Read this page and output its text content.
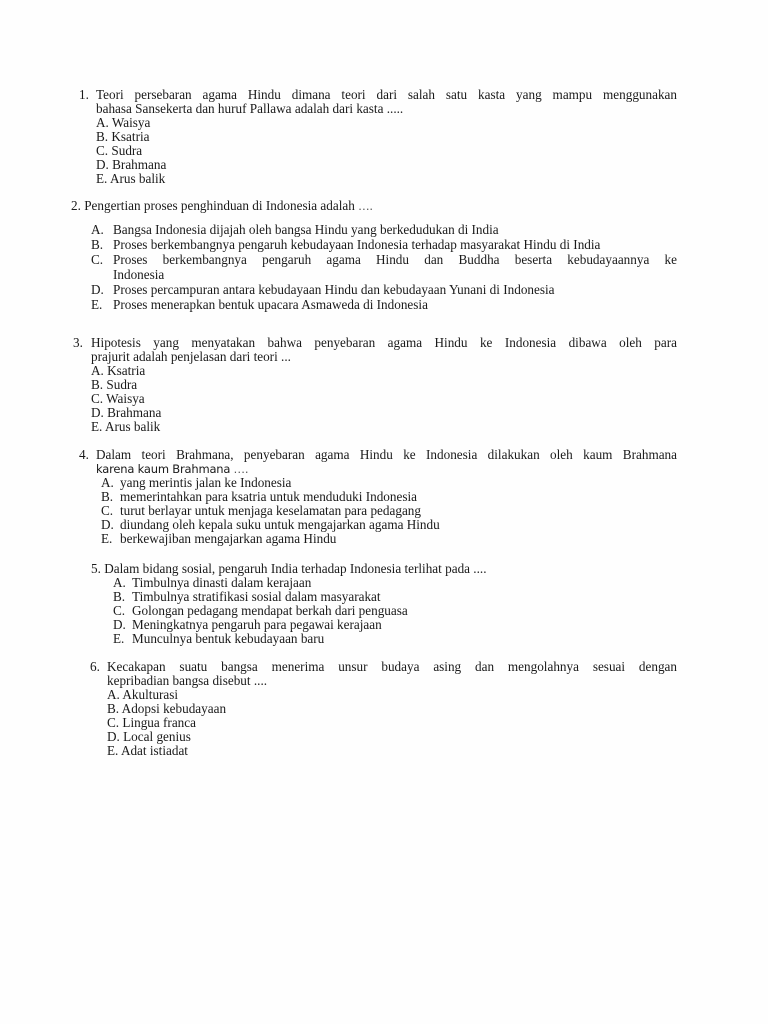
1. Teori persebaran agama Hindu dimana teori dari salah satu kasta yang mampu menggunakan
bahasa Sansekerta dan huruf Pallawa adalah dari kasta .....
A. Waisya
B. Ksatria
C. Sudra
D. Brahmana
E. Arus balik
2. Pengertian proses penghinduan di Indonesia adalah ….
A. Bangsa Indonesia dijajah oleh bangsa Hindu yang berkedudukan di India
B. Proses berkembangnya pengaruh kebudayaan Indonesia terhadap masyarakat Hindu di India
C. Proses berkembangnya pengaruh agama Hindu dan Buddha beserta kebudayaannya ke
Indonesia
D. Proses percampuran antara kebudayaan Hindu dan kebudayaan Yunani di Indonesia
E. Proses menerapkan bentuk upacara Asmaweda di Indonesia
3. Hipotesis yang menyatakan bahwa penyebaran agama Hindu ke Indonesia dibawa oleh para
prajurit adalah penjelasan dari teori ...
A. Ksatria
B. Sudra
C. Waisya
D. Brahmana
E. Arus balik
4. Dalam teori Brahmana, penyebaran agama Hindu ke Indonesia dilakukan oleh kaum Brahmana
karena kaum Brahmana ….
A. yang merintis jalan ke Indonesia
B. memerintahkan para ksatria untuk menduduki Indonesia
C. turut berlayar untuk menjaga keselamatan para pedagang
D. diundang oleh kepala suku untuk mengajarkan agama Hindu
E. berkewajiban mengajarkan agama Hindu
5. Dalam bidang sosial, pengaruh India terhadap Indonesia terlihat pada ....
A. Timbulnya dinasti dalam kerajaan
B. Timbulnya stratifikasi sosial dalam masyarakat
C. Golongan pedagang mendapat berkah dari penguasa
D. Meningkatnya pengaruh para pegawai kerajaan
E. Munculnya bentuk kebudayaan baru
6. Kecakapan suatu bangsa menerima unsur budaya asing dan mengolahnya sesuai dengan
kepribadian bangsa disebut ....
A. Akulturasi
B. Adopsi kebudayaan
C. Lingua franca
D. Local genius
E. Adat istiadat
